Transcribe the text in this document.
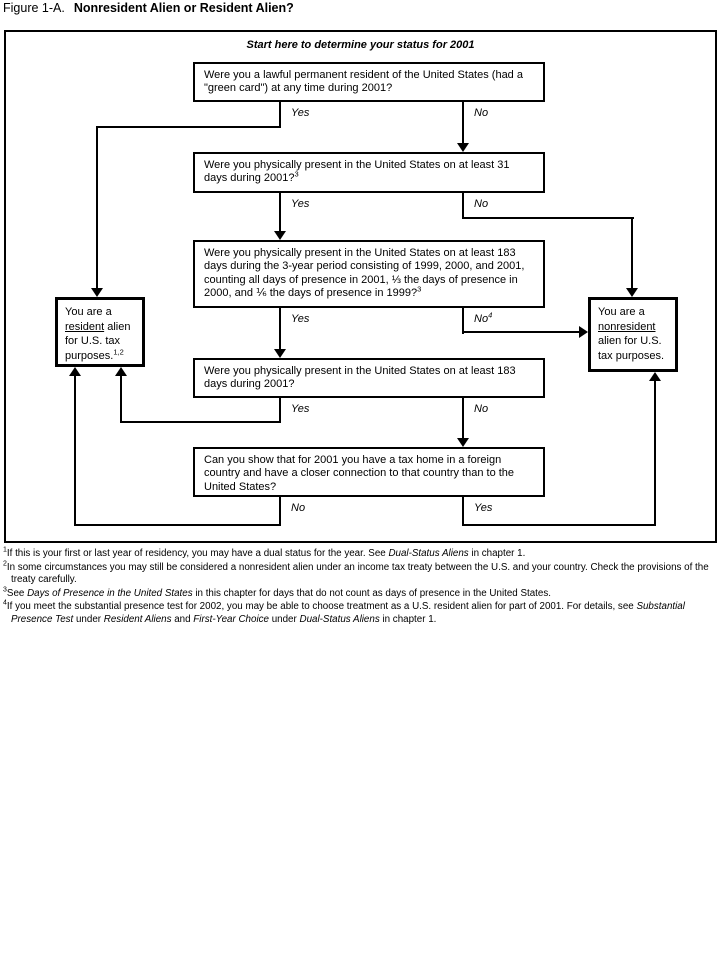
Figure 1-A. Nonresident Alien or Resident Alien?
Start here to determine your status for 2001
Were you a lawful permanent resident of the United States (had a "green card") at any time during 2001?
Were you physically present in the United States on at least 31 days during 2001?$^3$
Were you physically present in the United States on at least 183 days during the 3-year period consisting of 1999, 2000, and 2001, counting all days of presence in 2001, ⅓ the days of presence in 2000, and ⅙ the days of presence in 1999?$^3$
Were you physically present in the United States on at least 183 days during 2001?
Can you show that for 2001 you have a tax home in a foreign country and have a closer connection to that country than to the United States?
You are a resident alien for U.S. tax purposes.$^{1,2}$
You are a nonresident alien for U.S. tax purposes.
Yes	No
Yes	No
Yes	No$^4$
Yes	No
No	Yes
$^1$If this is your first or last year of residency, you may have a dual status for the year. See Dual-Status Aliens in chapter 1.
$^2$In some circumstances you may still be considered a nonresident alien under an income tax treaty between the U.S. and your country. Check the provisions of the treaty carefully.
$^3$See Days of Presence in the United States in this chapter for days that do not count as days of presence in the United States.
$^4$If you meet the substantial presence test for 2002, you may be able to choose treatment as a U.S. resident alien for part of 2001. For details, see Substantial Presence Test under Resident Aliens and First-Year Choice under Dual-Status Aliens in chapter 1.
